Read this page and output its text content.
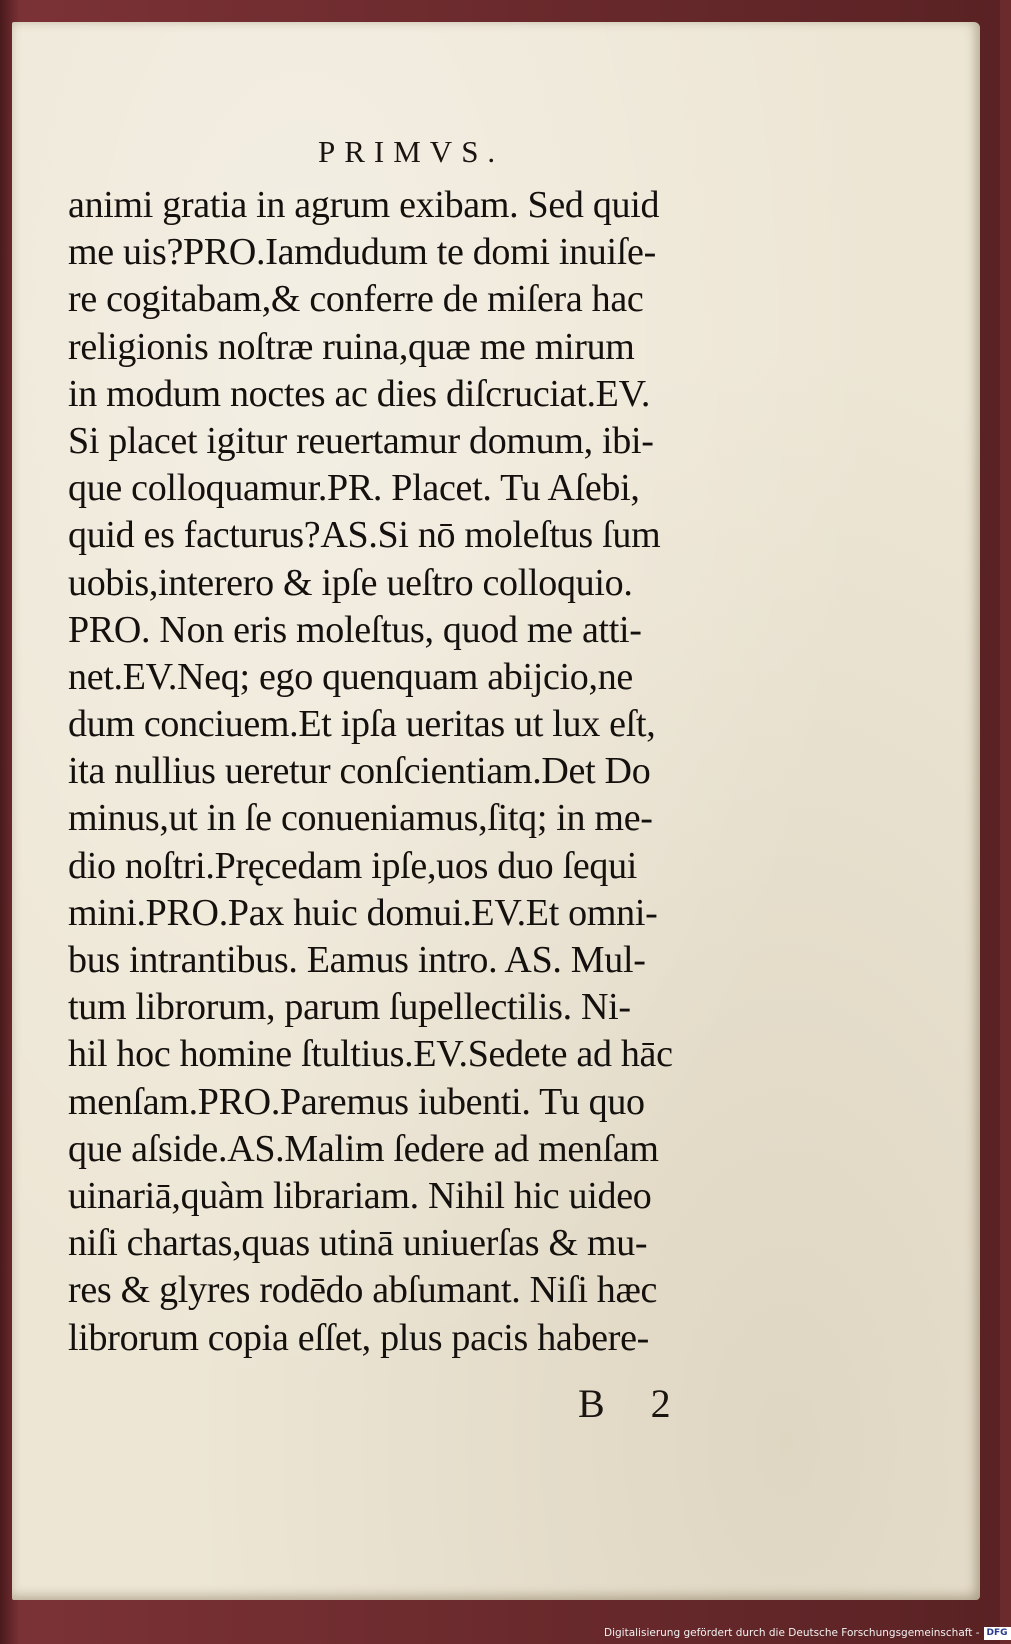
PRIMVS.
animi gratia in agrum exibam. Sed quid
me uis?PRO.Iamdudum te domi inuiſe-
re cogitabam,& conferre de miſera hac
religionis noſtræ ruina,quæ me mirum
in modum noctes ac dies diſcruciat.EV.
Si placet igitur reuertamur domum, ibi-
que colloquamur.PR. Placet. Tu Aſebi,
quid es facturus?AS.Si nō moleſtus ſum
uobis,interero & ipſe ueſtro colloquio.
PRO. Non eris moleſtus, quod me atti-
net.EV.Neq; ego quenquam abijcio,ne
dum conciuem.Et ipſa ueritas ut lux eſt,
ita nullius ueretur conſcientiam.Det Do
minus,ut in ſe conueniamus,ſitq; in me-
dio noſtri.Pręcedam ipſe,uos duo ſequi
mini.PRO.Pax huic domui.EV.Et omni-
bus intrantibus. Eamus intro. AS. Mul-
tum librorum, parum ſupellectilis. Ni-
hil hoc homine ſtultius.EV.Sedete ad hāc
menſam.PRO.Paremus iubenti. Tu quo
que aſside.AS.Malim ſedere ad menſam
uinariā,quàm librariam. Nihil hic uideo
niſi chartas,quas utinā uniuerſas & mu-
res & glyres rodēdo abſumant. Niſi hæc
librorum copia eſſet, plus pacis habere-
B 2
Digitalisierung gefördert durch die Deutsche Forschungsgemeinschaft - DFG
